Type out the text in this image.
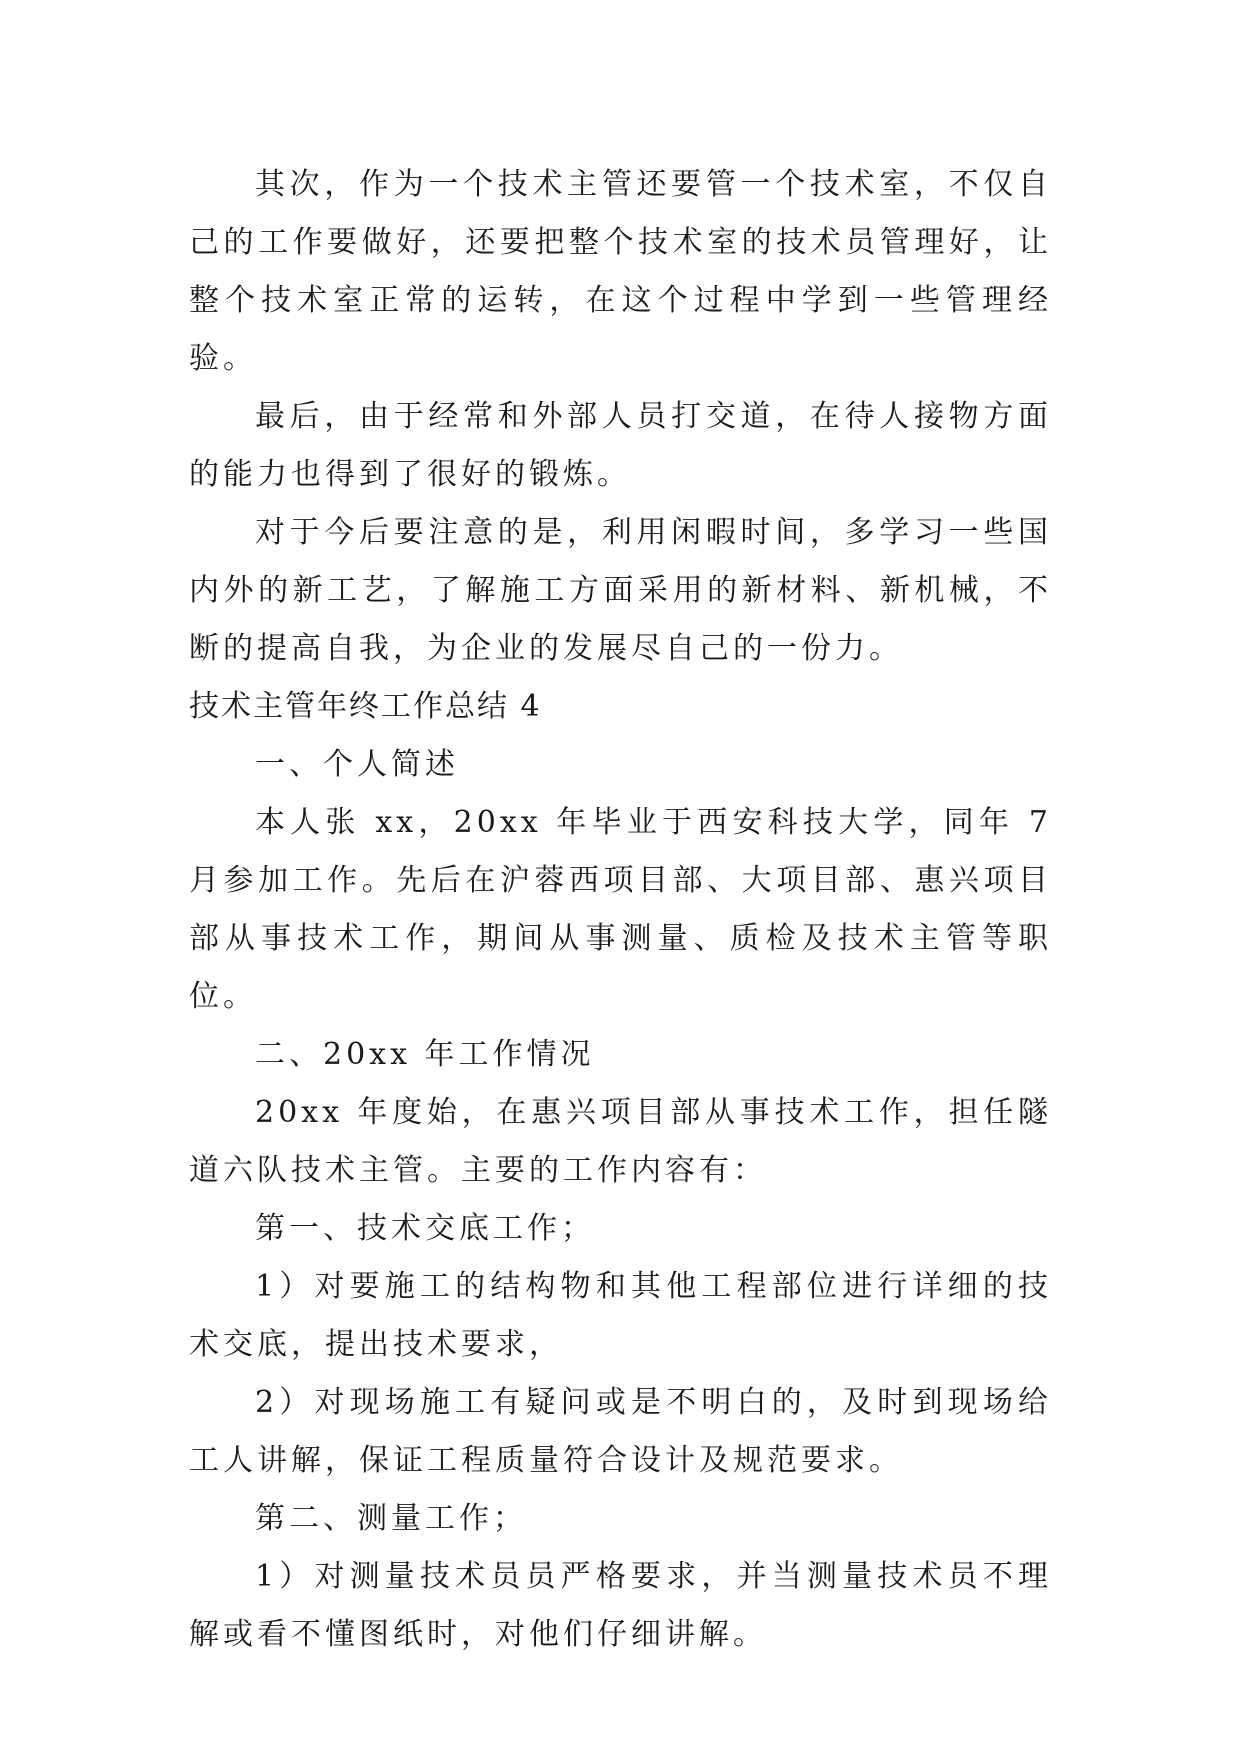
其次，作为一个技术主管还要管一个技术室，不仅自己的工作要做好，还要把整个技术室的技术员管理好，让整个技术室正常的运转，在这个过程中学到一些管理经验。

最后，由于经常和外部人员打交道，在待人接物方面的能力也得到了很好的锻炼。

对于今后要注意的是，利用闲暇时间，多学习一些国内外的新工艺，了解施工方面采用的新材料、新机械，不断的提高自我，为企业的发展尽自己的一份力。

技术主管年终工作总结 4

一、个人简述

本人张 xx，20xx 年毕业于西安科技大学，同年 7 月参加工作。先后在沪蓉西项目部、大项目部、惠兴项目部从事技术工作，期间从事测量、质检及技术主管等职位。

二、20xx 年工作情况

20xx 年度始，在惠兴项目部从事技术工作，担任隧道六队技术主管。主要的工作内容有：

第一、技术交底工作；

1）对要施工的结构物和其他工程部位进行详细的技术交底，提出技术要求，

2）对现场施工有疑问或是不明白的，及时到现场给工人讲解，保证工程质量符合设计及规范要求。

第二、测量工作；

1）对测量技术员员严格要求，并当测量技术员不理解或看不懂图纸时，对他们仔细讲解。
